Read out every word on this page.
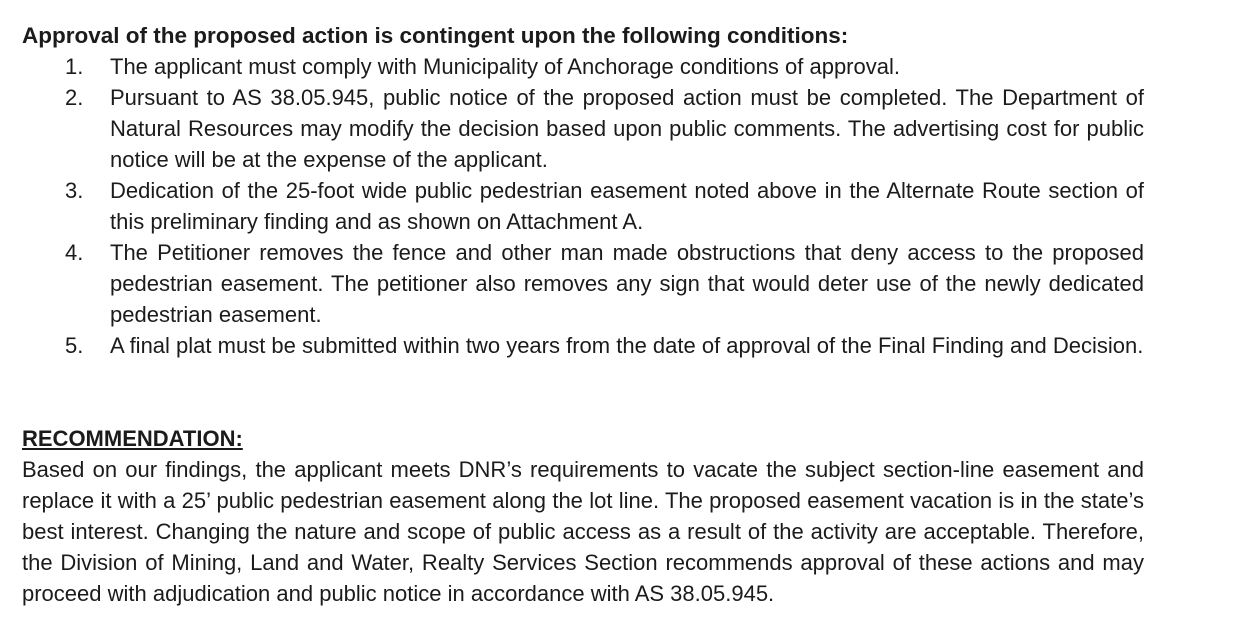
Approval of the proposed action is contingent upon the following conditions:

1. The applicant must comply with Municipality of Anchorage conditions of approval.
2. Pursuant to AS 38.05.945, public notice of the proposed action must be completed. The Department of Natural Resources may modify the decision based upon public comments. The advertising cost for public notice will be at the expense of the applicant.
3. Dedication of the 25-foot wide public pedestrian easement noted above in the Alternate Route section of this preliminary finding and as shown on Attachment A.
4. The Petitioner removes the fence and other man made obstructions that deny access to the proposed pedestrian easement. The petitioner also removes any sign that would deter use of the newly dedicated pedestrian easement.
5. A final plat must be submitted within two years from the date of approval of the Final Finding and Decision.

RECOMMENDATION:

Based on our findings, the applicant meets DNR’s requirements to vacate the subject section-line easement and replace it with a 25’ public pedestrian easement along the lot line. The proposed easement vacation is in the state’s best interest. Changing the nature and scope of public access as a result of the activity are acceptable. Therefore, the Division of Mining, Land and Water, Realty Services Section recommends approval of these actions and may proceed with adjudication and public notice in accordance with AS 38.05.945.
